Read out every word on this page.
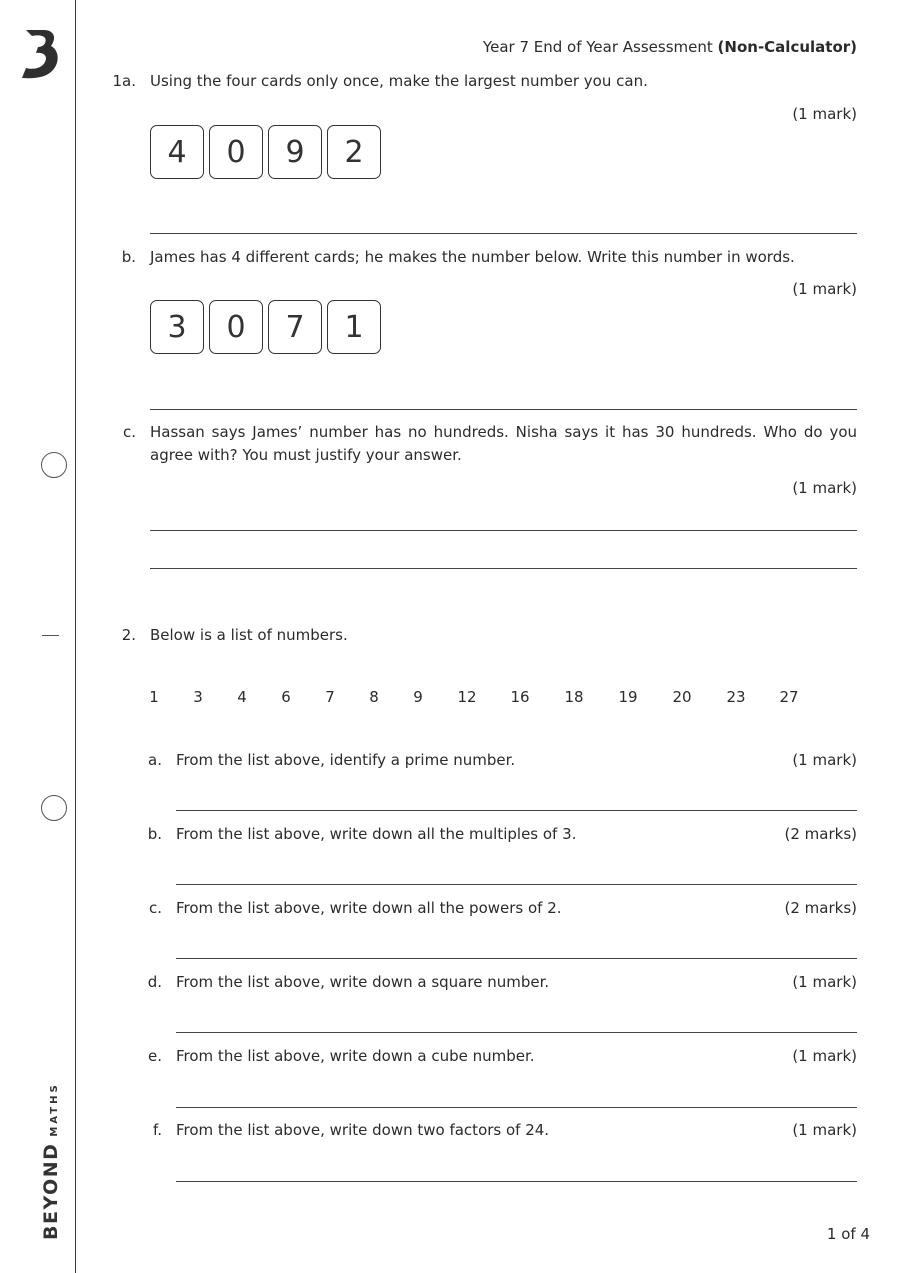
BEYONDMATHS
Year 7 End of Year Assessment (Non-Calculator)
1a. Using the four cards only once, make the largest number you can.
(1 mark)
4	0	9	2
b. James has 4 different cards; he makes the number below. Write this number in words.
(1 mark)
3	0	7	1
c. Hassan says James’ number has no hundreds. Nisha says it has 30 hundreds. Who do you agree with? You must justify your answer.
(1 mark)
2. Below is a list of numbers.
1 3 4 6 7 8 9 12 16 18 19 20 23 27
a. From the list above, identify a prime number.	(1 mark)
b. From the list above, write down all the multiples of 3.	(2 marks)
c. From the list above, write down all the powers of 2.	(2 marks)
d. From the list above, write down a square number.	(1 mark)
e. From the list above, write down a cube number.	(1 mark)
f. From the list above, write down two factors of 24.	(1 mark)
1 of 4
